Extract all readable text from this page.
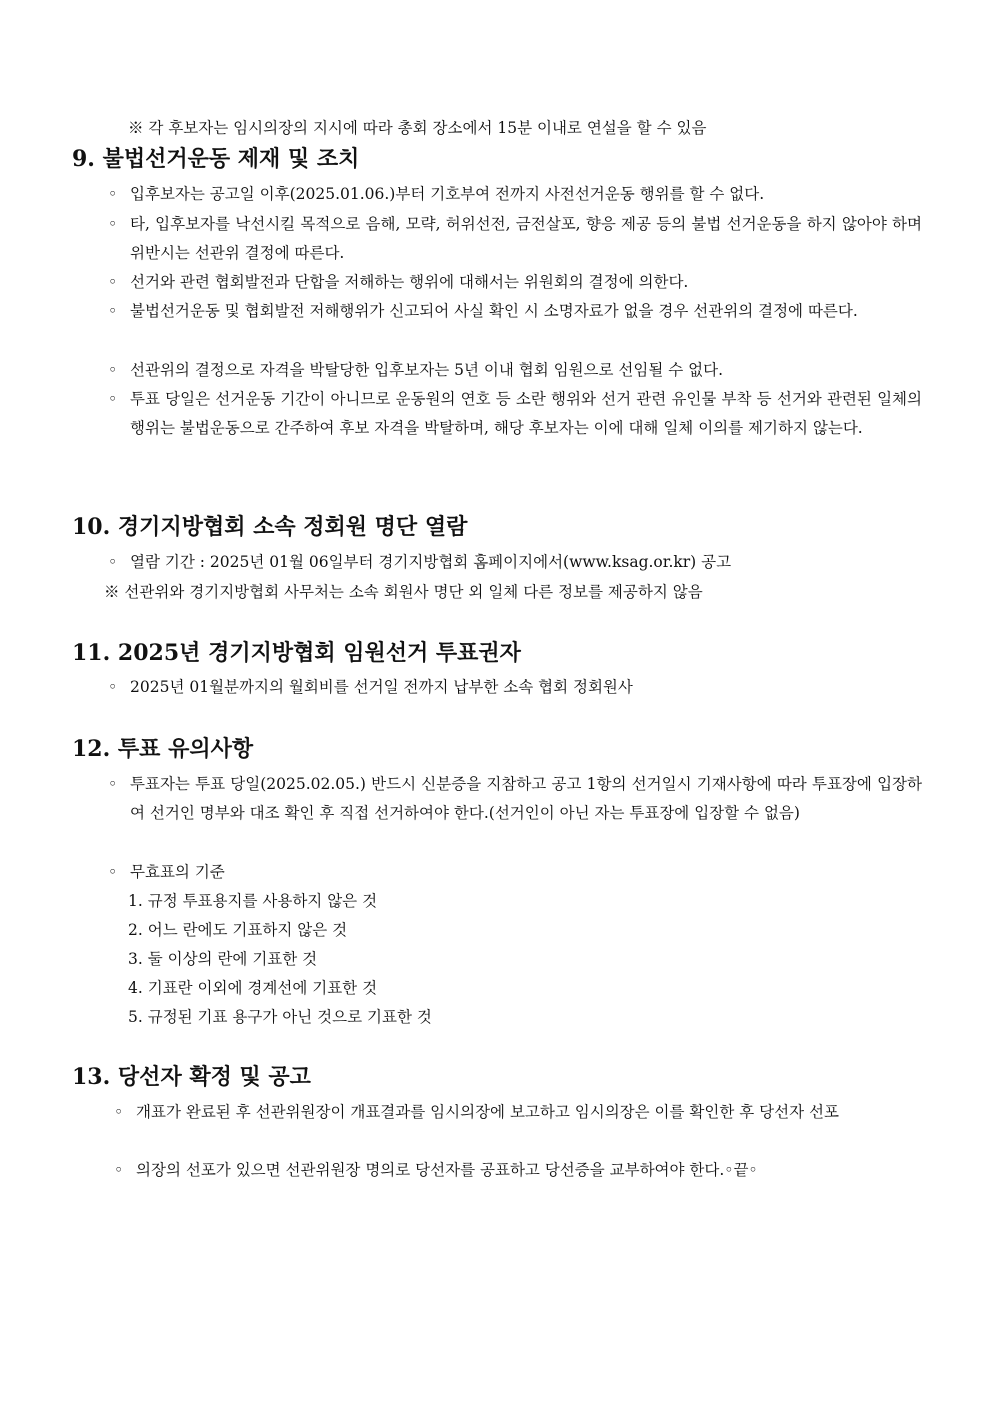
※ 각 후보자는 임시의장의 지시에 따라 총회 장소에서 15분 이내로 연설을 할 수 있음
9. 불법선거운동 제재 및 조치
◦ 입후보자는 공고일 이후(2025.01.06.)부터 기호부여 전까지 사전선거운동 행위를 할 수 없다.
◦ 타, 입후보자를 낙선시킬 목적으로 음해, 모략, 허위선전, 금전살포, 향응 제공 등의 불법 선거운동을 하지 않아야 하며 위반시는 선관위 결정에 따른다.
◦ 선거와 관련 협회발전과 단합을 저해하는 행위에 대해서는 위원회의 결정에 의한다.
◦ 불법선거운동 및 협회발전 저해행위가 신고되어 사실 확인 시 소명자료가 없을 경우 선관위의 결정에 따른다.
◦ 선관위의 결정으로 자격을 박탈당한 입후보자는 5년 이내 협회 임원으로 선임될 수 없다.
◦ 투표 당일은 선거운동 기간이 아니므로 운동원의 연호 등 소란 행위와 선거 관련 유인물 부착 등 선거와 관련된 일체의 행위는 불법운동으로 간주하여 후보 자격을 박탈하며, 해당 후보자는 이에 대해 일체 이의를 제기하지 않는다.
10. 경기지방협회 소속 정회원 명단 열람
◦ 열람 기간 : 2025년 01월 06일부터 경기지방협회 홈페이지에서(www.ksag.or.kr) 공고
※ 선관위와 경기지방협회 사무처는 소속 회원사 명단 외 일체 다른 정보를 제공하지 않음
11. 2025년 경기지방협회 임원선거 투표권자
◦ 2025년 01월분까지의 월회비를 선거일 전까지 납부한 소속 협회 정회원사
12. 투표 유의사항
◦ 투표자는 투표 당일(2025.02.05.) 반드시 신분증을 지참하고 공고 1항의 선거일시 기재사항에 따라 투표장에 입장하여 선거인 명부와 대조 확인 후 직접 선거하여야 한다.(선거인이 아닌 자는 투표장에 입장할 수 없음)
◦ 무효표의 기준
1. 규정 투표용지를 사용하지 않은 것
2. 어느 란에도 기표하지 않은 것
3. 둘 이상의 란에 기표한 것
4. 기표란 이외에 경계선에 기표한 것
5. 규정된 기표 용구가 아닌 것으로 기표한 것
13. 당선자 확정 및 공고
◦ 개표가 완료된 후 선관위원장이 개표결과를 임시의장에 보고하고 임시의장은 이를 확인한 후 당선자 선포
◦ 의장의 선포가 있으면 선관위원장 명의로 당선자를 공표하고 당선증을 교부하여야 한다.◦끝◦
